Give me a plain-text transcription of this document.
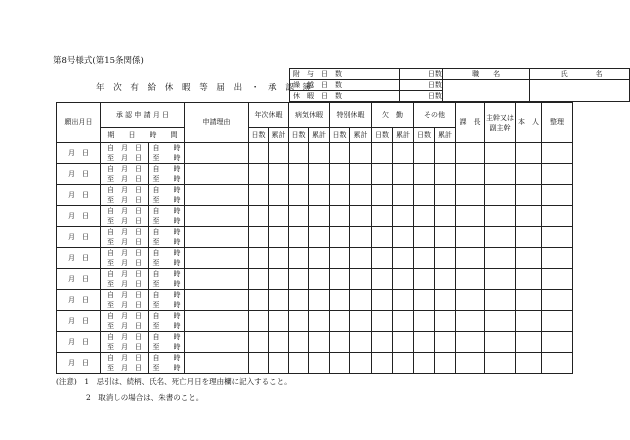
第8号様式(第15条関係)
年 次 有 給 休 暇 等 届 出 ・ 承 認 簿
附　与　日　数		日数		職　　名			氏　　　　名	
繰　越　日　数		日数						
休　暇　日　数		日数						
願出月日	承 認 申 請 月 日		申請理由	年次休暇		病気休暇		特別休暇		欠　勤		その他		課　長	主幹又は副主幹	本　人	整理
	期　　日　　時　　間			日数	累計	日数	累計	日数	累計	日数	累計	日数	累計				
月　日	自　月　日	自　　時															
	至　月　日	至　　時															
月　日	自　月　日	自　　時															
	至　月　日	至　　時															
月　日	自　月　日	自　　時															
	至　月　日	至　　時															
月　日	自　月　日	自　　時															
	至　月　日	至　　時															
月　日	自　月　日	自　　時															
	至　月　日	至　　時															
月　日	自　月　日	自　　時															
	至　月　日	至　　時															
月　日	自　月　日	自　　時															
	至　月　日	至　　時															
月　日	自　月　日	自　　時															
	至　月　日	至　　時															
月　日	自　月　日	自　　時															
	至　月　日	至　　時															
月　日	自　月　日	自　　時															
	至　月　日	至　　時															
月　日	自　月　日	自　　時															
	至　月　日	至　　時															
(注意)　1　忌引は、続柄、氏名、死亡月日を理由欄に記入すること。
　　　　2　取消しの場合は、朱書のこと。
